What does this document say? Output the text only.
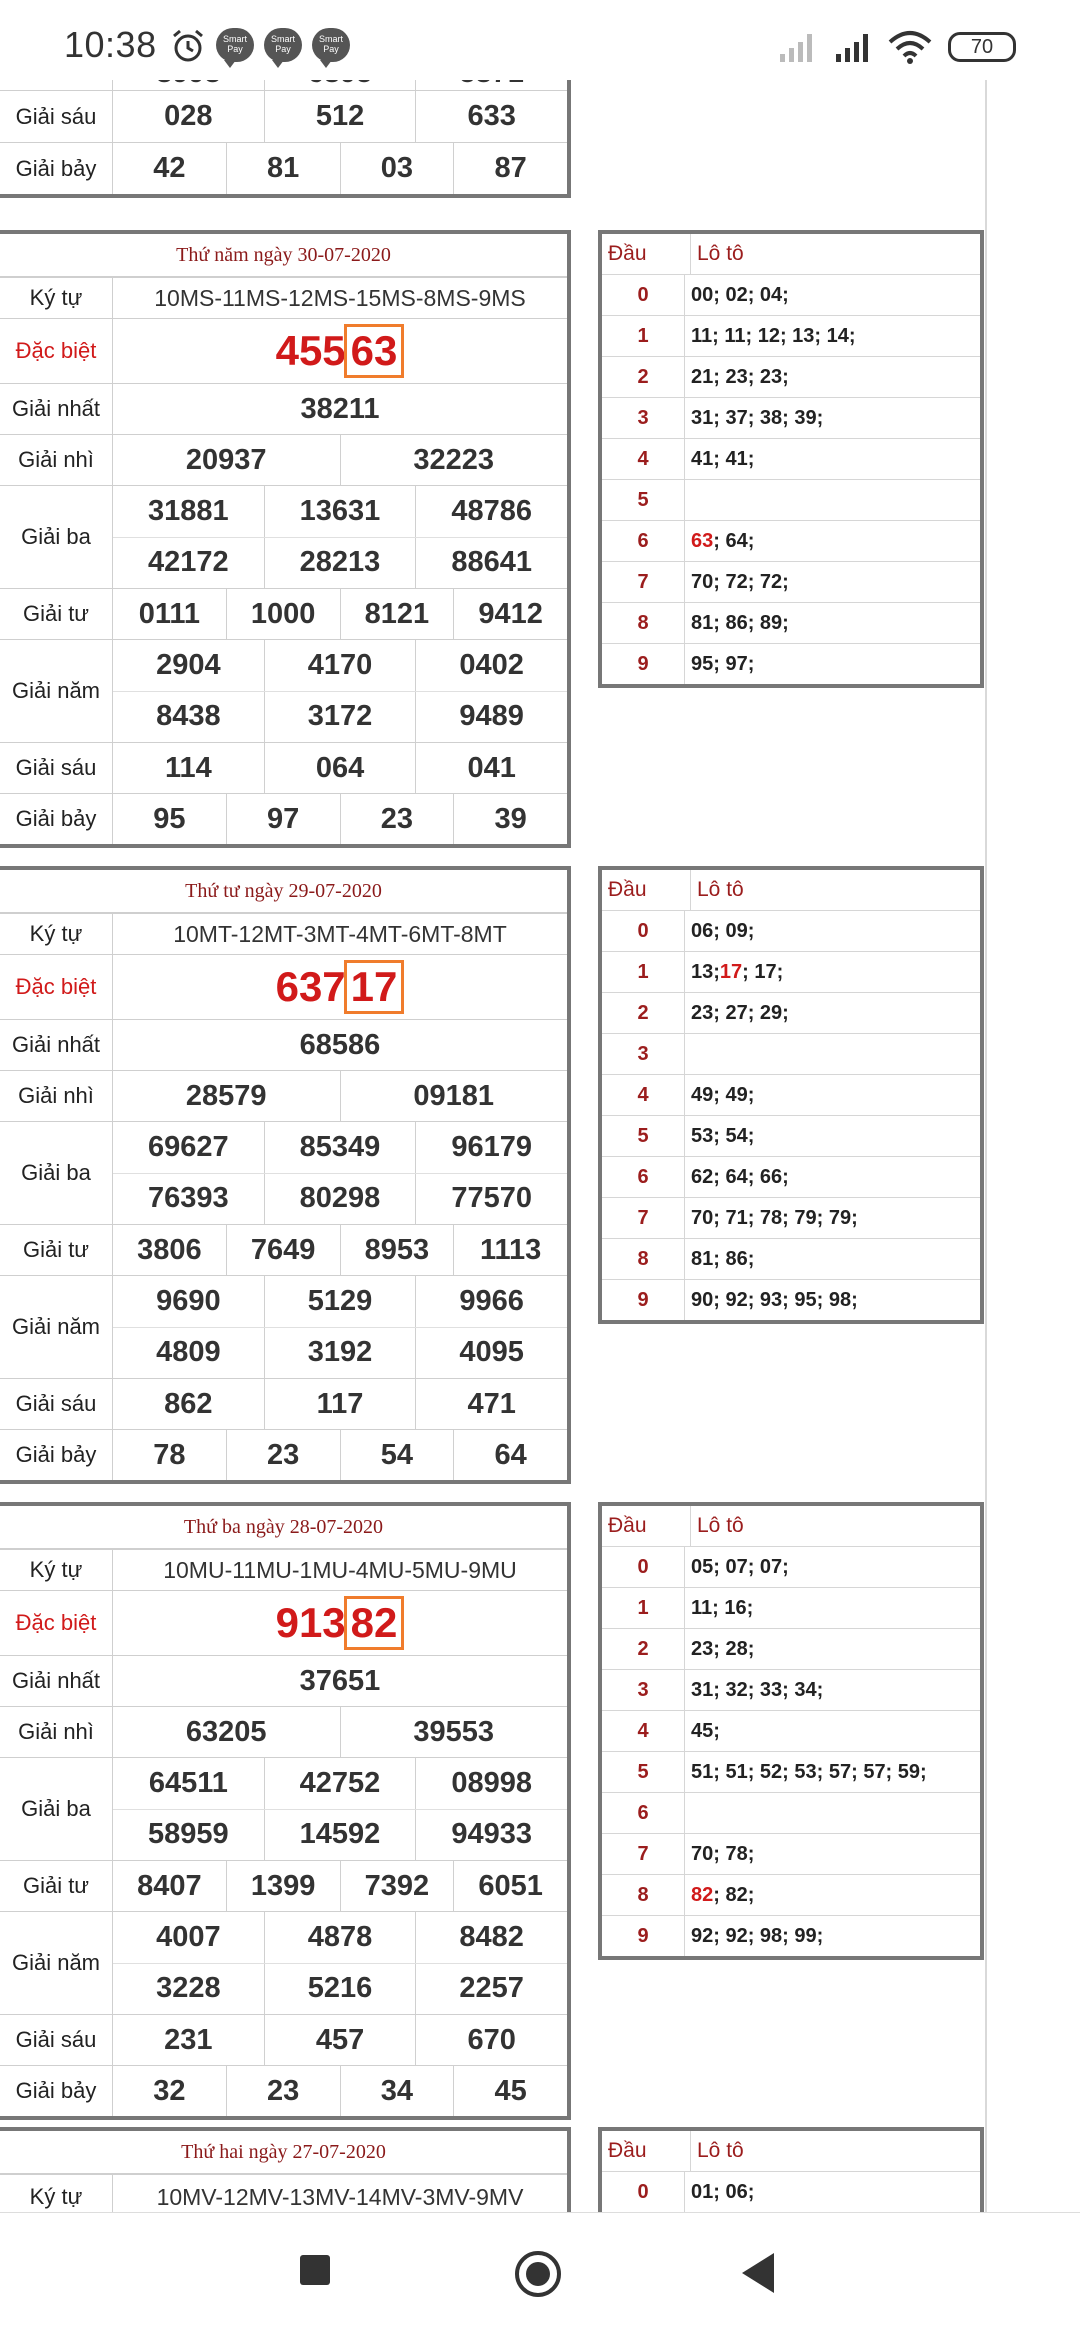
10:38	Smart Pay
Smart Pay
Smart Pay	70
Giải sáu	028	512	633
Giải bảy	42	81	03	87
Thứ năm ngày 30-07-2020
Ký tự	10MS-11MS-12MS-15MS-8MS-9MS
Đặc biệt	455 63
Giải nhất	38211
Giải nhì	20937	32223
Giải ba
31881	13631	48786
42172	28213	88641
Giải tư	0111	1000	8121	9412
Giải năm
2904	4170	0402
8438	3172	9489
Giải sáu	114	064	041
Giải bảy	95	97	23	39
Đầu	Lô tô
0	00; 02; 04;
1	11; 11; 12; 13; 14;
2	21; 23; 23;
3	31; 37; 38; 39;
4	41; 41;
5
6	63 ; 64;
7	70; 72; 72;
8	81; 86; 89;
9	95; 97;
Thứ tư ngày 29-07-2020
Ký tự	10MT-12MT-3MT-4MT-6MT-8MT
Đặc biệt	637 17
Giải nhất	68586
Giải nhì	28579	09181
Giải ba
69627	85349	96179
76393	80298	77570
Giải tư	3806	7649	8953	1113
Giải năm
9690	5129	9966
4809	3192	4095
Giải sáu	862	117	471
Giải bảy	78	23	54	64
Đầu	Lô tô
0	06; 09;
1	13; 17 ; 17;
2	23; 27; 29;
3
4	49; 49;
5	53; 54;
6	62; 64; 66;
7	70; 71; 78; 79; 79;
8	81; 86;
9	90; 92; 93; 95; 98;
Thứ ba ngày 28-07-2020
Ký tự	10MU-11MU-1MU-4MU-5MU-9MU
Đặc biệt	913 82
Giải nhất	37651
Giải nhì	63205	39553
Giải ba
64511	42752	08998
58959	14592	94933
Giải tư	8407	1399	7392	6051
Giải năm
4007	4878	8482
3228	5216	2257
Giải sáu	231	457	670
Giải bảy	32	23	34	45
Đầu	Lô tô
0	05; 07; 07;
1	11; 16;
2	23; 28;
3	31; 32; 33; 34;
4	45;
5	51; 51; 52; 53; 57; 57; 59;
6
7	70; 78;
8	82 ; 82;
9	92; 92; 98; 99;
Thứ hai ngày 27-07-2020
Ký tự	10MV-12MV-13MV-14MV-3MV-9MV
Đầu	Lô tô
0	01; 06;
